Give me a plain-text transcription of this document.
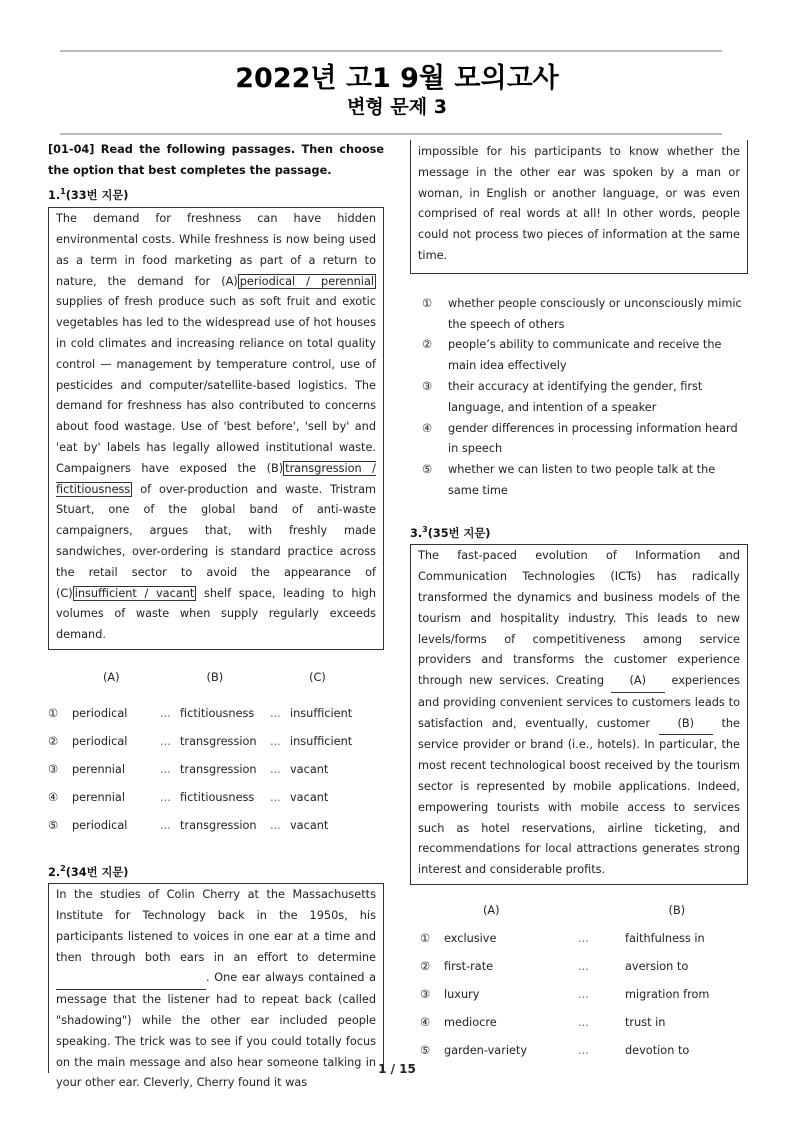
2022년 고1 9월 모의고사
변형 문제 3
[01-04] Read the following passages. Then choose the option that best completes the passage.
1.$^1$(33번 지문)
The demand for freshness can have hidden environmental costs. While freshness is now being used as a term in food marketing as part of a return to nature, the demand for (A) periodical / perennial supplies of fresh produce such as soft fruit and exotic vegetables has led to the widespread use of hot houses in cold climates and increasing reliance on total quality control — management by temperature control, use of pesticides and computer/satellite-based logistics. The demand for freshness has also contributed to concerns about food wastage. Use of 'best before', 'sell by' and 'eat by' labels has legally allowed institutional waste. Campaigners have exposed the (B) transgression / fictitiousness of over-production and waste. Tristram Stuart, one of the global band of anti-waste campaigners, argues that, with freshly made sandwiches, over-ordering is standard practice across the retail sector to avoid the appearance of (C) insufficient / vacant shelf space, leading to high volumes of waste when supply regularly exceeds demand.
(A)	(B)	(C)
①	periodical	... fictitiousness	... insufficient
②	periodical	... transgression	... insufficient
③	perennial	... transgression	... vacant
④	perennial	... fictitiousness	... vacant
⑤	periodical	... transgression	... vacant
2.$^2$(34번 지문)
In the studies of Colin Cherry at the Massachusetts Institute for Technology back in the 1950s, his participants listened to voices in one ear at a time and then through both ears in an effort to determine  . One ear always contained a message that the listener had to repeat back (called "shadowing") while the other ear included people speaking. The trick was to see if you could totally focus on the main message and also hear someone talking in your other ear. Cleverly, Cherry found it was
impossible for his participants to know whether the message in the other ear was spoken by a man or woman, in English or another language, or was even comprised of real words at all! In other words, people could not process two pieces of information at the same time.
①	whether people consciously or unconsciously mimic the speech of others
②	people’s ability to communicate and receive the main idea effectively
③	their accuracy at identifying the gender, first language, and intention of a speaker
④	gender differences in processing information heard in speech
⑤	whether we can listen to two people talk at the same time
3.$^3$(35번 지문)
The fast-paced evolution of Information and Communication Technologies (ICTs) has radically transformed the dynamics and business models of the tourism and hospitality industry. This leads to new levels/forms of competitiveness among service providers and transforms the customer experience through new services. Creating (A) experiences and providing convenient services to customers leads to satisfaction and, eventually, customer (B) the service provider or brand (i.e., hotels). In particular, the most recent technological boost received by the tourism sector is represented by mobile applications. Indeed, empowering tourists with mobile access to services such as hotel reservations, airline ticketing, and recommendations for local attractions generates strong interest and considerable profits.
(A)	(B)
①	exclusive	...	faithfulness in
②	first-rate	...	aversion to
③	luxury	...	migration from
④	mediocre	...	trust in
⑤	garden-variety	...	devotion to
1 / 15
